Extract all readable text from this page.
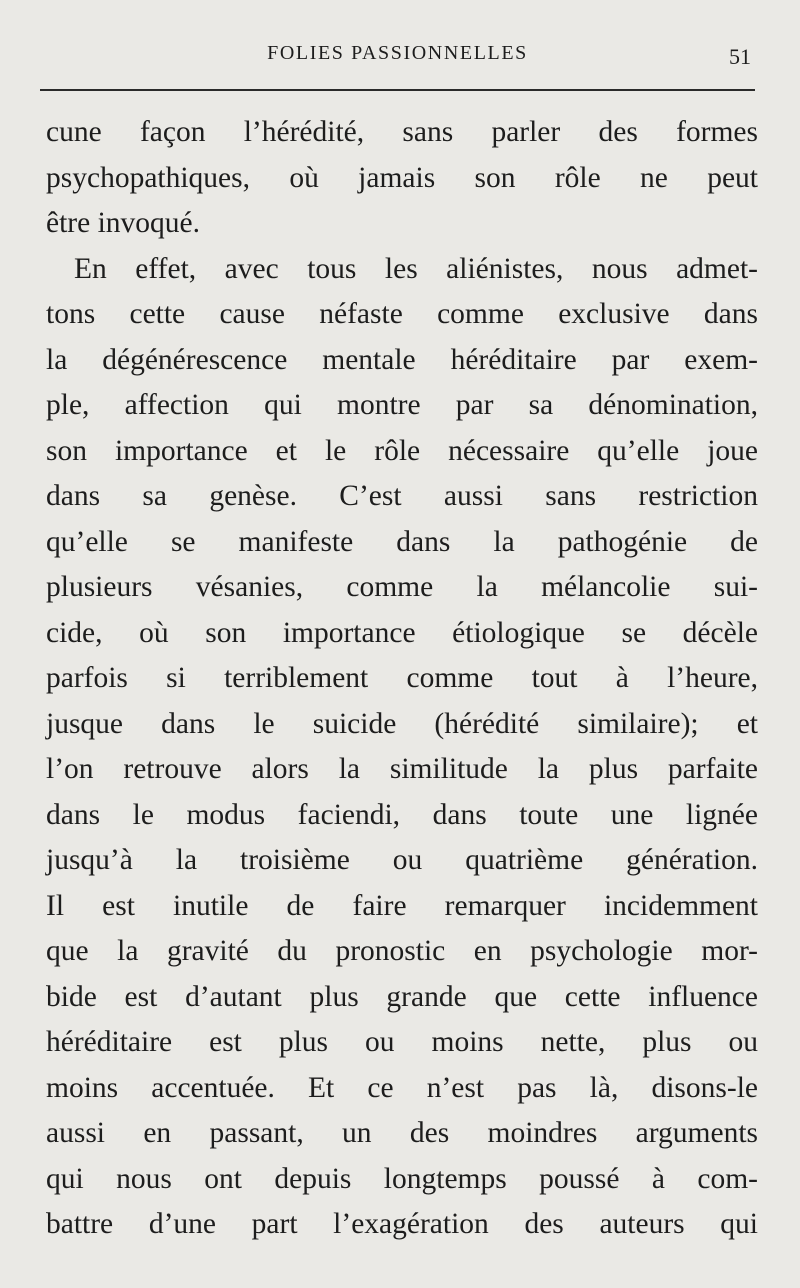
FOLIES PASSIONNELLES	51
cune façon l’hérédité, sans parler des formes
psychopathiques, où jamais son rôle ne peut
être invoqué.
En effet, avec tous les aliénistes, nous admet-
tons cette cause néfaste comme exclusive dans
la dégénérescence mentale héréditaire par exem-
ple, affection qui montre par sa dénomination,
son importance et le rôle nécessaire qu’elle joue
dans sa genèse. C’est aussi sans restriction
qu’elle se manifeste dans la pathogénie de
plusieurs vésanies, comme la mélancolie sui-
cide, où son importance étiologique se décèle
parfois si terriblement comme tout à l’heure,
jusque dans le suicide (hérédité similaire); et
l’on retrouve alors la similitude la plus parfaite
dans le modus faciendi, dans toute une lignée
jusqu’à la troisième ou quatrième génération.
Il est inutile de faire remarquer incidemment
que la gravité du pronostic en psychologie mor-
bide est d’autant plus grande que cette influence
héréditaire est plus ou moins nette, plus ou
moins accentuée. Et ce n’est pas là, disons-le
aussi en passant, un des moindres arguments
qui nous ont depuis longtemps poussé à com-
battre d’une part l’exagération des auteurs qui
